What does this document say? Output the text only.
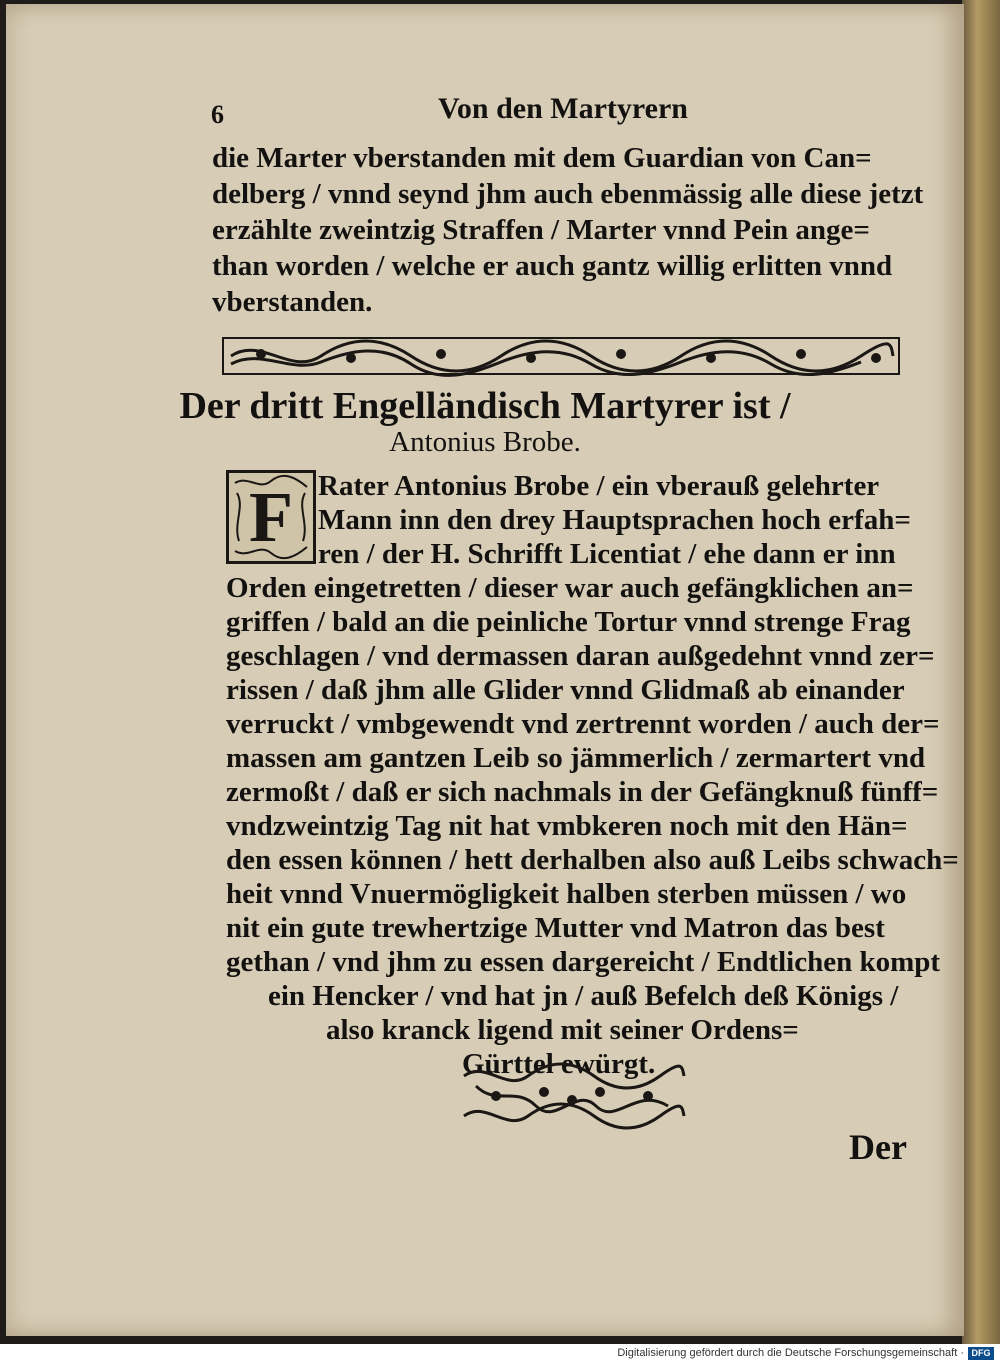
6	Von den Martyrern
die Marter vberstanden mit dem Guardian von Can=
delberg / vnnd seynd jhm auch ebenmässig alle diese jetzt
erzählte zweintzig Straffen / Marter vnnd Pein ange=
than worden / welche er auch gantz willig erlitten vnnd
vberstanden.
Der dritt Engelländisch Martyrer ist /
Antonius Brobe.
F Rater Antonius Brobe / ein vberauß gelehrter
Mann inn den drey Hauptsprachen hoch erfah=
ren / der H. Schrifft Licentiat / ehe dann er inn
Orden eingetretten / dieser war auch gefängklichen an=
griffen / bald an die peinliche Tortur vnnd strenge Frag
geschlagen / vnd dermassen daran außgedehnt vnnd zer=
rissen / daß jhm alle Glider vnnd Glidmaß ab einander
verruckt / vmbgewendt vnd zertrennt worden / auch der=
massen am gantzen Leib so jämmerlich / zermartert vnd
zermoßt / daß er sich nachmals in der Gefängknuß fünff=
vndzweintzig Tag nit hat vmbkeren noch mit den Hän=
den essen können / hett derhalben also auß Leibs schwach=
heit vnnd Vnuermögligkeit halben sterben müssen / wo
nit ein gute trewhertzige Mutter vnd Matron das best
gethan / vnd jhm zu essen dargereicht / Endtlichen kompt
ein Hencker / vnd hat jn / auß Befelch deß Königs /
also kranck ligend mit seiner Ordens=
Gürttel ewürgt.
Der
Digitalisierung gefördert durch die Deutsche Forschungsgemeinschaft · DFG
